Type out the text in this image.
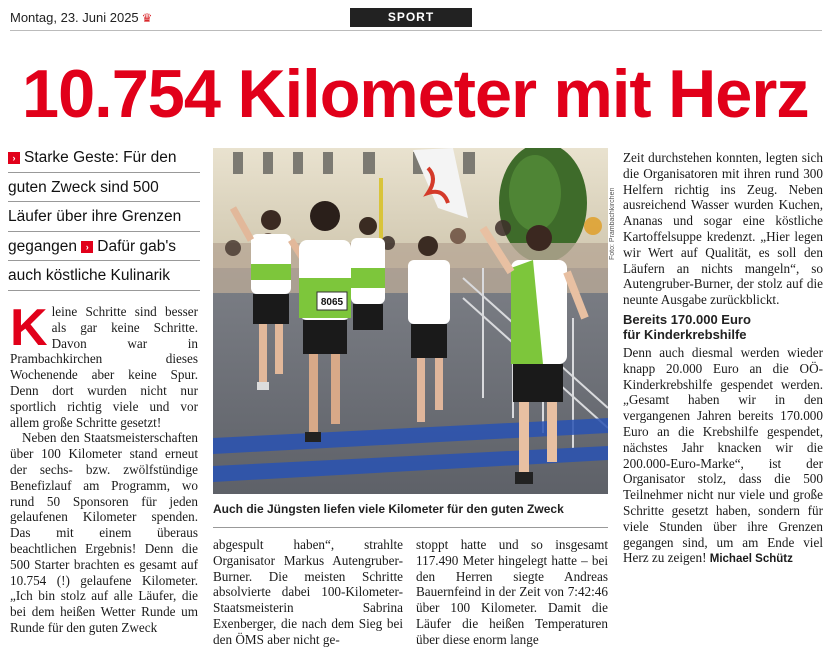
Montag, 23. Juni 2025 ♛	SPORT
10.754 Kilometer mit Herz
› Starke Geste: Für den
guten Zweck sind 500
Läufer über ihre Grenzen
gegangen › Dafür gab's
auch köstliche Kulinarik

Kleine Schritte sind besser als gar keine Schritte. Davon war in Prambachkirchen dieses Wochenende aber keine Spur. Denn dort wurden nicht nur sportlich richtig viele und vor allem große Schritte gesetzt!

Neben den Staatsmeisterschaften über 100 Kilometer stand erneut der sechs- bzw. zwölfstündige Benefizlauf am Programm, wo rund 50 Sponsoren für jeden gelaufenen Kilometer spenden. Das mit einem überaus beachtlichen Ergebnis! Denn die 500 Starter brachten es gesamt auf 10.754 (!) gelaufene Kilometer. „Ich bin stolz auf alle Läufer, die bei dem heißen Wetter Runde um Runde für den guten Zweck

8065
Foto: Prambachkirchen
Auch die Jüngsten liefen viele Kilometer für den guten Zweck

abgespult haben“, strahlte Organisator Markus Autengruber-Burner. Die meisten Schritte absolvierte dabei 100-Kilometer-Staatsmeisterin Sabrina Exenberger, die nach dem Sieg bei den ÖMS aber nicht ge-

stoppt hatte und so insgesamt 117.490 Meter hingelegt hatte – bei den Herren siegte Andreas Bauernfeind in der Zeit von 7:42:46 über 100 Kilometer. Damit die Läufer die heißen Temperaturen über diese enorm lange

Zeit durchstehen konnten, legten sich die Organisatoren mit ihren rund 300 Helfern richtig ins Zeug. Neben ausreichend Wasser wurden Kuchen, Ananas und sogar eine köstliche Kartoffelsuppe kredenzt. „Hier legen wir Wert auf Qualität, es soll den Läufern an nichts mangeln“, so Autengruber-Burner, der stolz auf die neunte Ausgabe zurückblickt.

Bereits 170.000 Euro
für Kinderkrebshilfe

Denn auch diesmal werden wieder knapp 20.000 Euro an die OÖ-Kinderkrebshilfe gespendet werden. „Gesamt haben wir in den vergangenen Jahren bereits 170.000 Euro an die Krebshilfe gespendet, nächstes Jahr knacken wir die 200.000-Euro-Marke“, ist der Organisator stolz, dass die 500 Teilnehmer nicht nur viele und große Schritte gesetzt haben, sondern für viele Stunden über ihre Grenzen gegangen sind, um am Ende viel Herz zu zeigen! Michael Schütz
